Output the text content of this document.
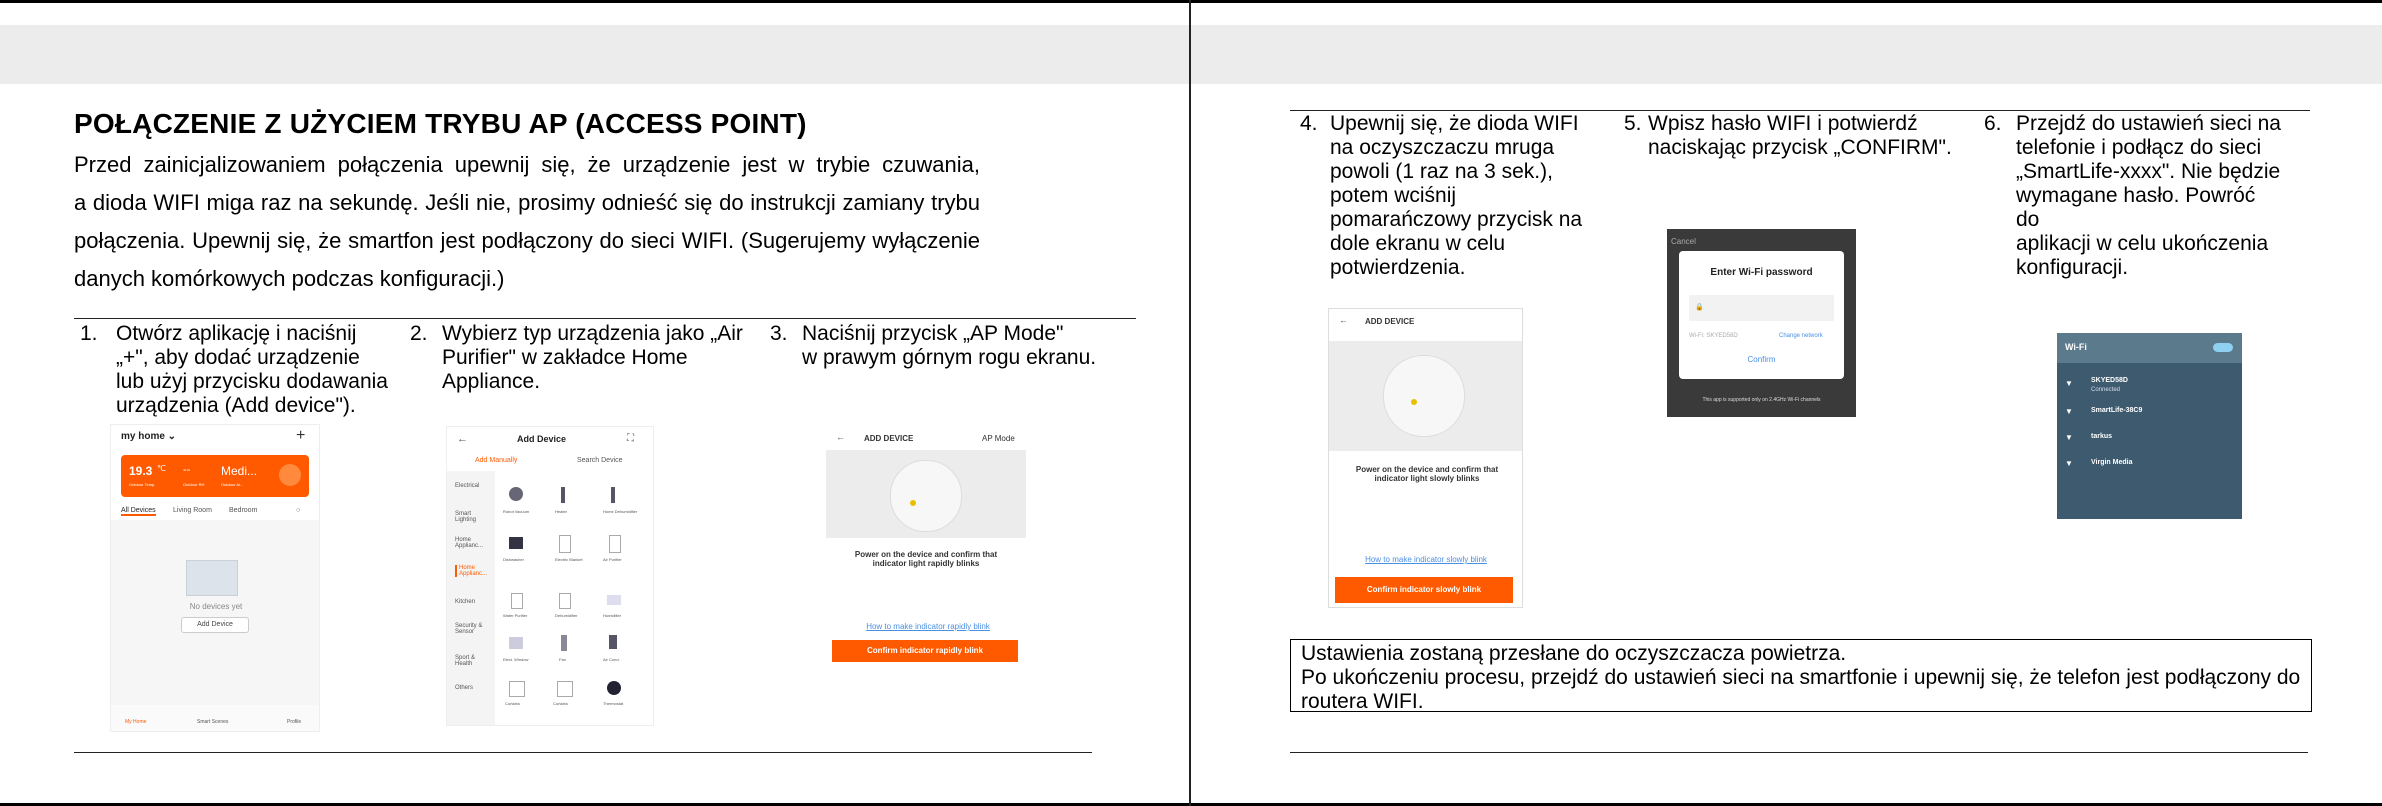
POŁĄCZENIE Z UŻYCIEM TRYBU AP (ACCESS POINT)

Przed zainicjalizowaniem połączenia upewnij się, że urządzenie jest w trybie czuwania,

a dioda WIFI miga raz na sekundę. Jeśli nie, prosimy odnieść się do instrukcji zamiany trybu

połączenia. Upewnij się, że smartfon jest podłączony do sieci WIFI. (Sugerujemy wyłączenie

danych komórkowych podczas konfiguracji.)

1. Otwórz aplikację i naciśnij
„+", aby dodać urządzenie
lub użyj przycisku dodawania
urządzenia (Add device").
2. Wybierz typ urządzenia jako „Air
Purifier" w zakładce Home
Appliance.
3. Naciśnij przycisk „AP Mode"
w prawym górnym rogu ekranu.
my home ⌄	+
19.3 ℃ --	Medi...
Outdoor Temp.	Outdoor RH	Outdoor Ai...
All Devices Living Room Bedroom	○
No devices yet
Add Device
My Home	Smart Scenes	Profile
←	Add Device	⛶
Add Manually	Search Device
Electrical
Smart Lighting
Home Applianc...
Home Applianc...
Kitchen
Security & Sensor
Sport & Health
Others
Robot Vacuum	Heater	Home Dehumidifier
Dishwasher	Electric Blanket	Air Purifier
Water Purifier	Dehumidifier	Humidifier
Elect. Window	Fan	Air Cond.
Curtains	Curtains	Thermostat
← ADD DEVICE	AP Mode
Power on the device and confirm that indicator light rapidly blinks
How to make indicator rapidly blink
Confirm indicator rapidly blink
4. Upewnij się, że dioda WIFI
na oczyszczaczu mruga
powoli (1 raz na 3 sek.),
potem wciśnij
pomarańczowy przycisk na
dole ekranu w celu
potwierdzenia.
5. Wpisz hasło WIFI i potwierdź
naciskając przycisk „CONFIRM".
6. Przejdź do ustawień sieci na
telefonie i podłącz do sieci
„SmartLife-xxxx". Nie będzie
wymagane hasło. Powróć do
aplikacji w celu ukończenia
konfiguracji.
← ADD DEVICE
Power on the device and confirm that indicator light slowly blinks
How to make indicator slowly blink
Confirm indicator slowly blink
Cancel
Enter Wi-Fi password
🔒
Wi-Fi: SKYED58D	Change network
Confirm
This app is supported only on 2.4GHz Wi-Fi channels
Wi-Fi
▼	SKYED58D
Connected
▼	SmartLife-38C9
▼	tarkus
▼	Virgin Media
Ustawienia zostaną przesłane do oczyszczacza powietrza.
Po ukończeniu procesu, przejdź do ustawień sieci na smartfonie i upewnij się, że telefon jest podłączony do
routera WIFI.
